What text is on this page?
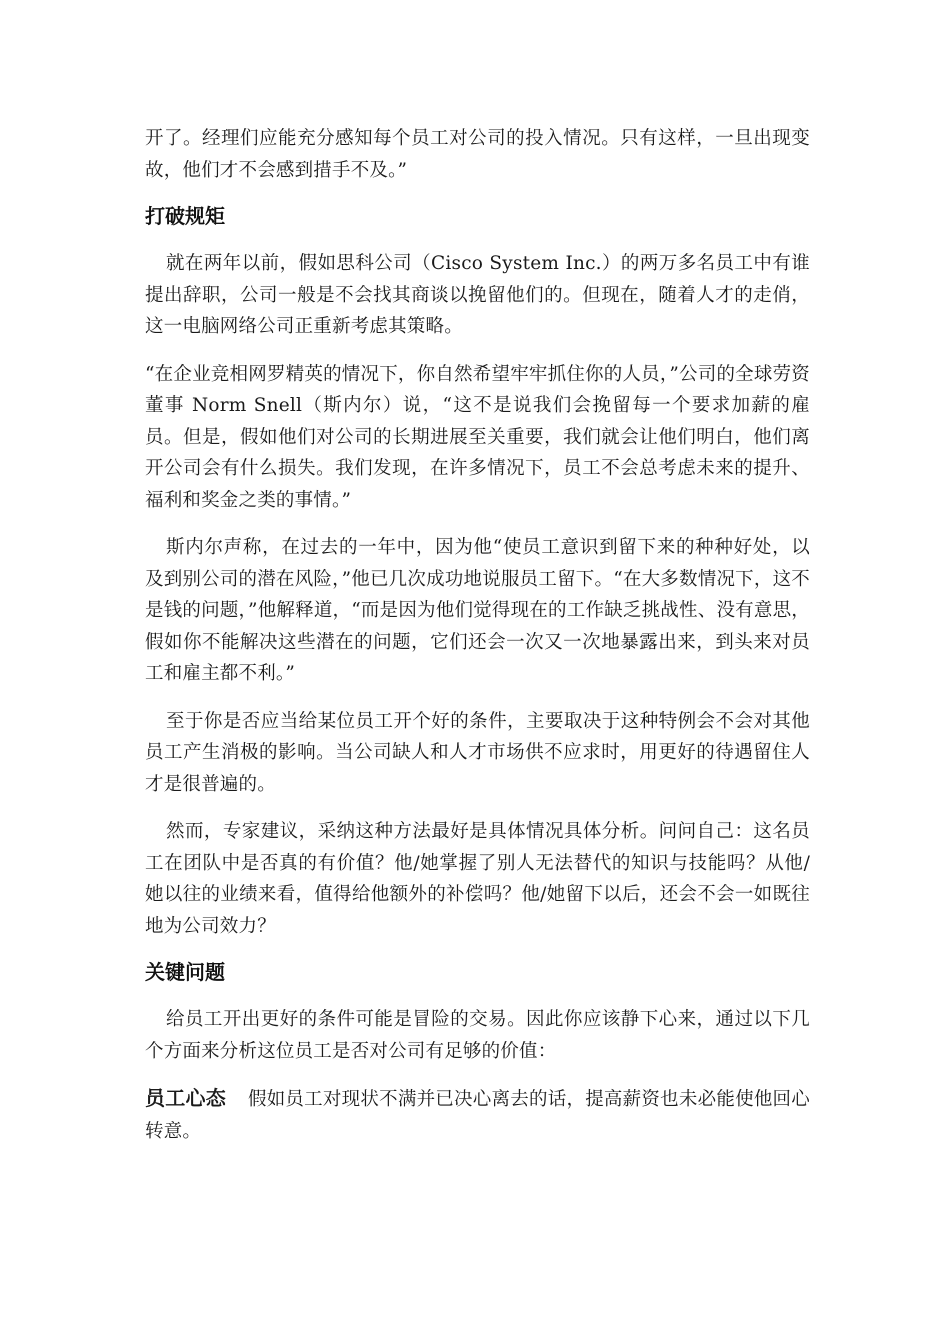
开了。经理们应能充分感知每个员工对公司的投入情况。只有这样，一旦出现变故，他们才不会感到措手不及。”

打破规矩

就在两年以前，假如思科公司（Cisco System Inc.）的两万多名员工中有谁提出辞职，公司一般是不会找其商谈以挽留他们的。但现在，随着人才的走俏，这一电脑网络公司正重新考虑其策略。

“在企业竞相网罗精英的情况下，你自然希望牢牢抓住你的人员，”公司的全球劳资董事 Norm Snell（斯内尔）说，“这不是说我们会挽留每一个要求加薪的雇员。但是，假如他们对公司的长期进展至关重要，我们就会让他们明白，他们离开公司会有什么损失。我们发现，在许多情况下，员工不会总考虑未来的提升、福利和奖金之类的事情。”

斯内尔声称，在过去的一年中，因为他“使员工意识到留下来的种种好处，以及到别公司的潜在风险，”他已几次成功地说服员工留下。“在大多数情况下，这不是钱的问题，”他解释道，“而是因为他们觉得现在的工作缺乏挑战性、没有意思，假如你不能解决这些潜在的问题，它们还会一次又一次地暴露出来，到头来对员工和雇主都不利。”

至于你是否应当给某位员工开个好的条件，主要取决于这种特例会不会对其他员工产生消极的影响。当公司缺人和人才市场供不应求时，用更好的待遇留住人才是很普遍的。

然而，专家建议，采纳这种方法最好是具体情况具体分析。问问自己：这名员工在团队中是否真的有价值？他/她掌握了别人无法替代的知识与技能吗？从他/她以往的业绩来看，值得给他额外的补偿吗？他/她留下以后，还会不会一如既往地为公司效力？

关键问题

给员工开出更好的条件可能是冒险的交易。因此你应该静下心来，通过以下几个方面来分析这位员工是否对公司有足够的价值：

员工心态 假如员工对现状不满并已决心离去的话，提高薪资也未必能使他回心转意。
